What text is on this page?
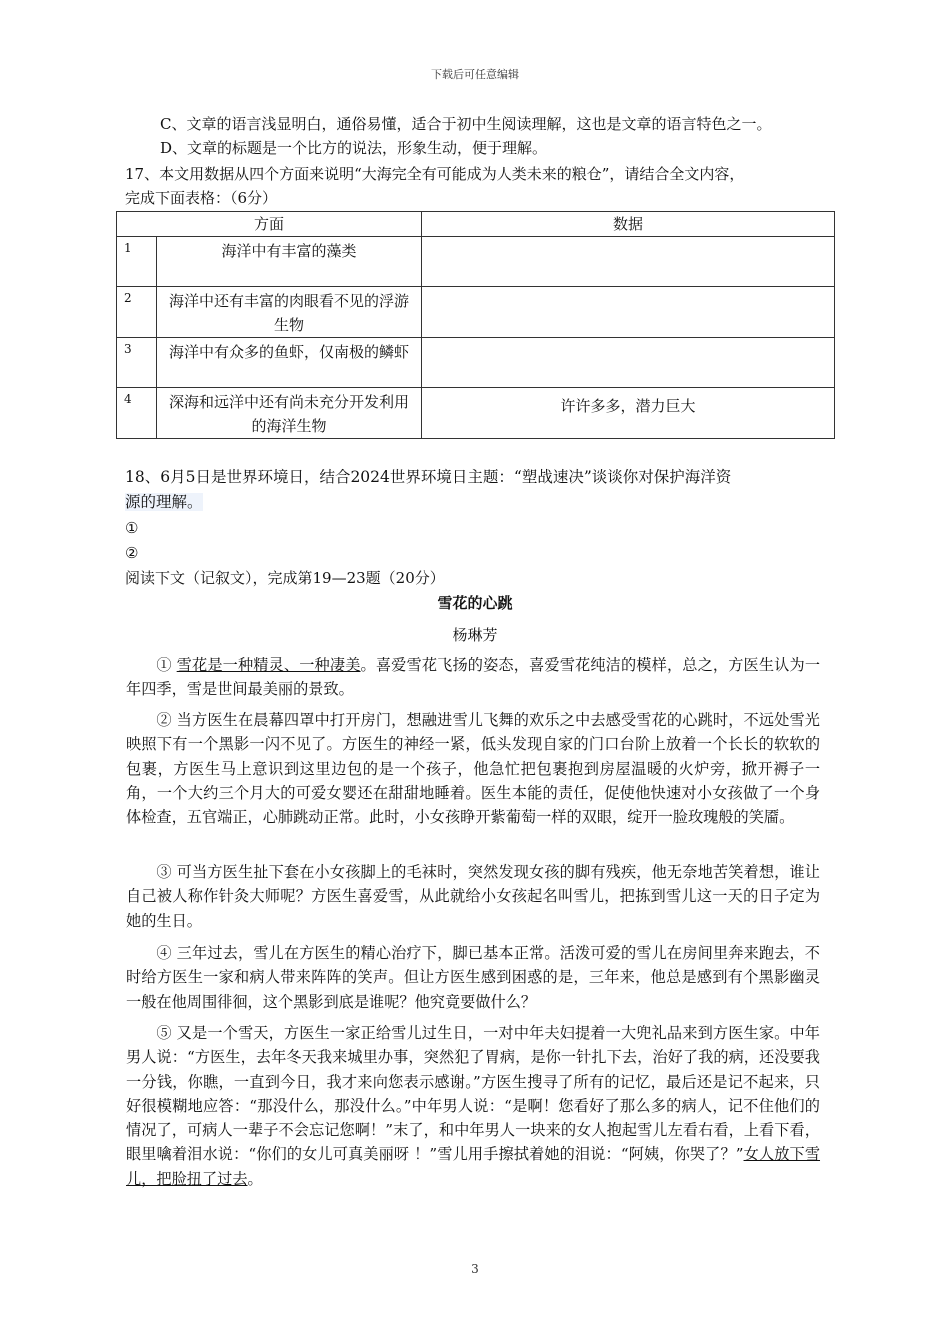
下载后可任意编辑
C、文章的语言浅显明白，通俗易懂，适合于初中生阅读理解，这也是文章的语言特色之一。
D、文章的标题是一个比方的说法，形象生动，便于理解。
17、本文用数据从四个方面来说明“大海完全有可能成为人类未来的粮仓”，请结合全文内容，
完成下面表格：（6分）
方面		数据
1	海洋中有丰富的藻类	
2	海洋中还有丰富的肉眼看不见的浮游生物	
3	海洋中有众多的鱼虾，仅南极的鳞虾	
4	深海和远洋中还有尚未充分开发利用的海洋生物	许许多多，潜力巨大
18、6月5日是世界环境日，结合2024世界环境日主题：“塑战速决”谈谈你对保护海洋资
源的理解。
①
②
阅读下文（记叙文），完成第19—23题（20分）
雪花的心跳
杨琳芳
① 雪花是一种精灵、一种凄美。喜爱雪花飞扬的姿态，喜爱雪花纯洁的模样，总之，方医生认为一年四季，雪是世间最美丽的景致。
② 当方医生在晨幕四罩中打开房门，想融进雪儿飞舞的欢乐之中去感受雪花的心跳时，不远处雪光映照下有一个黑影一闪不见了。方医生的神经一紧，低头发现自家的门口台阶上放着一个长长的软软的包裹，方医生马上意识到这里边包的是一个孩子，他急忙把包裹抱到房屋温暖的火炉旁，掀开褥子一角，一个大约三个月大的可爱女婴还在甜甜地睡着。医生本能的责任，促使他快速对小女孩做了一个身体检查，五官端正，心肺跳动正常。此时，小女孩睁开紫葡萄一样的双眼，绽开一脸玫瑰般的笑靥。
③ 可当方医生扯下套在小女孩脚上的毛袜时，突然发现女孩的脚有残疾，他无奈地苦笑着想，谁让自己被人称作针灸大师呢？方医生喜爱雪，从此就给小女孩起名叫雪儿，把拣到雪儿这一天的日子定为她的生日。
④ 三年过去，雪儿在方医生的精心治疗下，脚已基本正常。活泼可爱的雪儿在房间里奔来跑去，不时给方医生一家和病人带来阵阵的笑声。但让方医生感到困惑的是，三年来，他总是感到有个黑影幽灵一般在他周围徘徊，这个黑影到底是谁呢？他究竟要做什么？
⑤ 又是一个雪天，方医生一家正给雪儿过生日，一对中年夫妇提着一大兜礼品来到方医生家。中年男人说：“方医生，去年冬天我来城里办事，突然犯了胃病，是你一针扎下去，治好了我的病，还没要我一分钱，你瞧，一直到今日，我才来向您表示感谢。”方医生搜寻了所有的记忆，最后还是记不起来，只好很模糊地应答：“那没什么，那没什么。”中年男人说：“是啊！您看好了那么多的病人，记不住他们的情况了，可病人一辈子不会忘记您啊！”末了，和中年男人一块来的女人抱起雪儿左看右看，上看下看，眼里噙着泪水说：“你们的女儿可真美丽呀 ！”雪儿用手擦拭着她的泪说：“阿姨，你哭了？”女人放下雪儿，把脸扭了过去。
3
